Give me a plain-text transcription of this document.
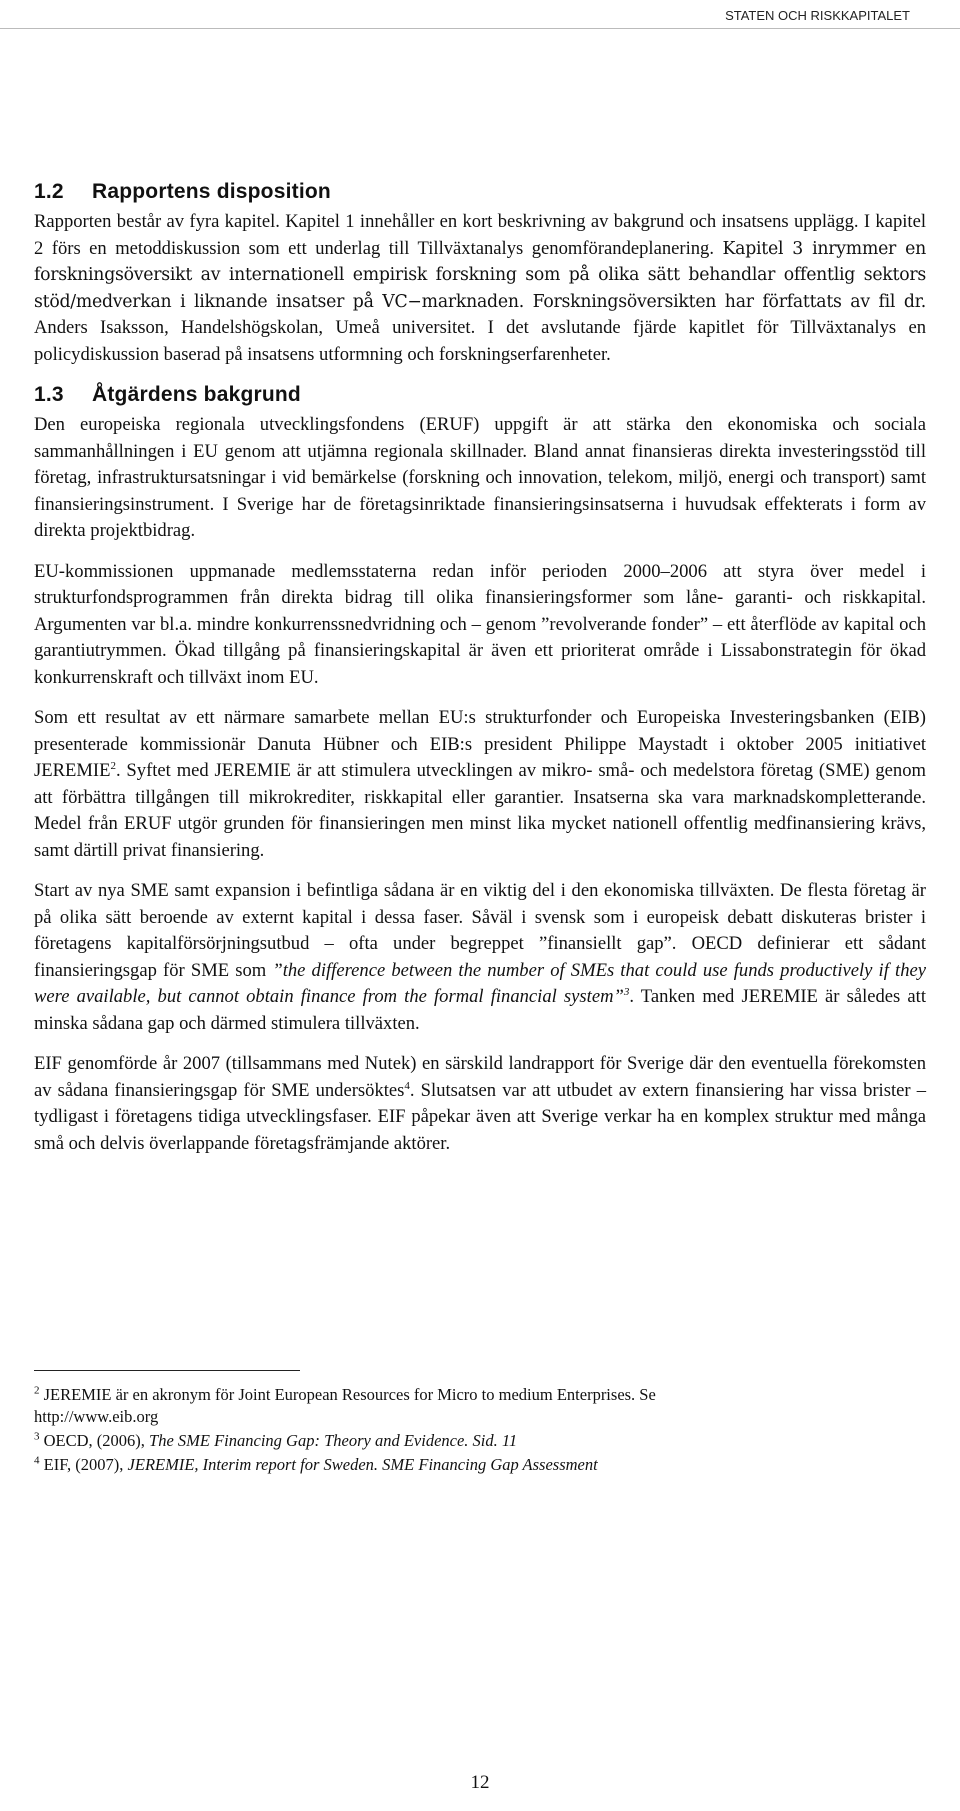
STATEN OCH RISKKAPITALET
1.2 Rapportens disposition

Rapporten består av fyra kapitel. Kapitel 1 innehåller en kort beskrivning av bakgrund och insatsens upplägg. I kapitel 2 förs en metoddiskussion som ett underlag till Tillväxtanalys genomförandeplanering. Kapitel 3 inrymmer en forskningsöversikt av internationell empirisk forskning som på olika sätt behandlar offentlig sektors stöd/medverkan i liknande insatser på VC−marknaden. Forskningsöversikten har författats av fil dr. Anders Isaksson, Handelshögskolan, Umeå universitet. I det avslutande fjärde kapitlet för Tillväxtanalys en policydiskussion baserad på insatsens utformning och forskningserfarenheter.

1.3 Åtgärdens bakgrund

Den europeiska regionala utvecklingsfondens (ERUF) uppgift är att stärka den ekonomiska och sociala sammanhållningen i EU genom att utjämna regionala skillnader. Bland annat finansieras direkta investeringsstöd till företag, infrastruktursatsningar i vid bemärkelse (forskning och innovation, telekom, miljö, energi och transport) samt finansieringsinstrument. I Sverige har de företagsinriktade finansieringsinsatserna i huvudsak effekterats i form av direkta projektbidrag.

EU-kommissionen uppmanade medlemsstaterna redan inför perioden 2000–2006 att styra över medel i strukturfondsprogrammen från direkta bidrag till olika finansieringsformer som låne- garanti- och riskkapital. Argumenten var bl.a. mindre konkurrenssnedvridning och – genom ”revolverande fonder” – ett återflöde av kapital och garantiutrymmen. Ökad tillgång på finansieringskapital är även ett prioriterat område i Lissabonstrategin för ökad konkurrenskraft och tillväxt inom EU.

Som ett resultat av ett närmare samarbete mellan EU:s strukturfonder och Europeiska Investeringsbanken (EIB) presenterade kommissionär Danuta Hübner och EIB:s president Philippe Maystadt i oktober 2005 initiativet JEREMIE$^2$. Syftet med JEREMIE är att stimulera utvecklingen av mikro- små- och medelstora företag (SME) genom att förbättra tillgången till mikrokrediter, riskkapital eller garantier. Insatserna ska vara marknadskompletterande. Medel från ERUF utgör grunden för finansieringen men minst lika mycket nationell offentlig medfinansiering krävs, samt därtill privat finansiering.

Start av nya SME samt expansion i befintliga sådana är en viktig del i den ekonomiska tillväxten. De flesta företag är på olika sätt beroende av externt kapital i dessa faser. Såväl i svensk som i europeisk debatt diskuteras brister i företagens kapitalförsörjningsutbud – ofta under begreppet ”finansiellt gap”. OECD definierar ett sådant finansieringsgap för SME som ”the difference between the number of SMEs that could use funds productively if they were available, but cannot obtain finance from the formal financial system”$^3$. Tanken med JEREMIE är således att minska sådana gap och därmed stimulera tillväxten.

EIF genomförde år 2007 (tillsammans med Nutek) en särskild landrapport för Sverige där den eventuella förekomsten av sådana finansieringsgap för SME undersöktes$^4$. Slutsatsen var att utbudet av extern finansiering har vissa brister – tydligast i företagens tidiga utvecklingsfaser. EIF påpekar även att Sverige verkar ha en komplex struktur med många små och delvis överlappande företagsfrämjande aktörer.

$^2$ JEREMIE är en akronym för Joint European Resources for Micro to medium Enterprises. Se
http://www.eib.org
$^3$ OECD, (2006), The SME Financing Gap: Theory and Evidence. Sid. 11
$^4$ EIF, (2007), JEREMIE, Interim report for Sweden. SME Financing Gap Assessment
12
